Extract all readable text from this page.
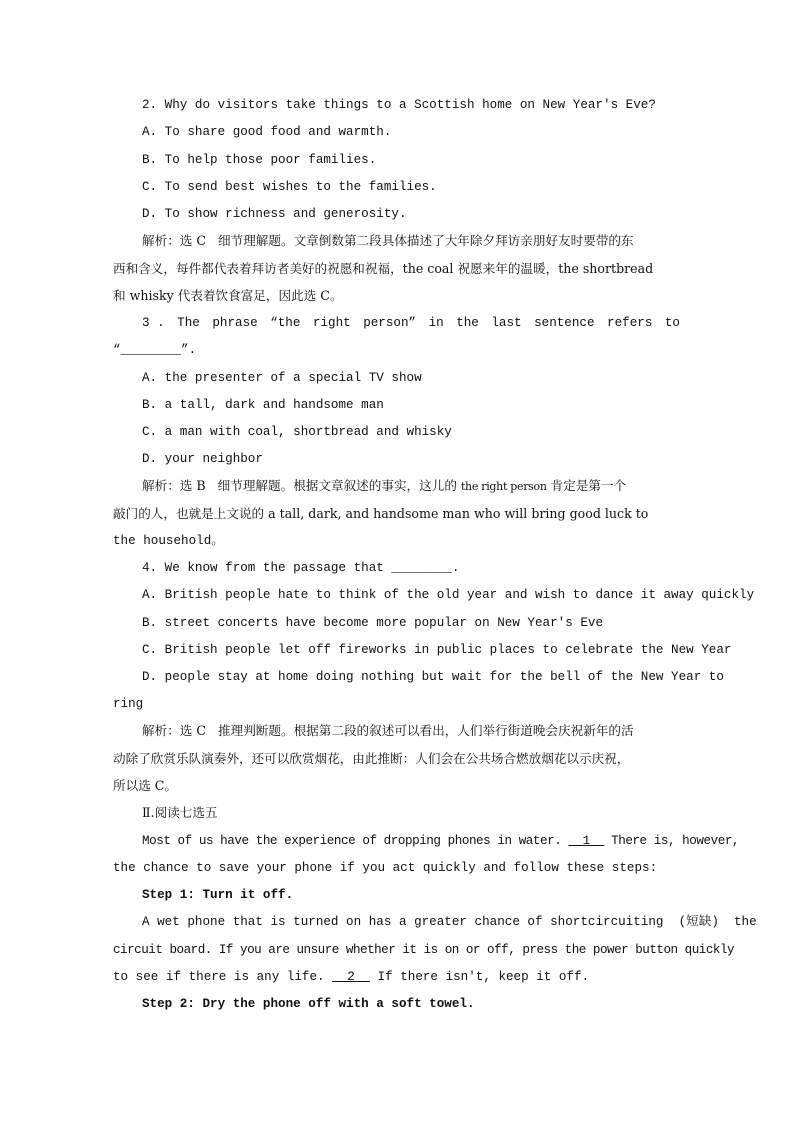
2. Why do visitors take things to a Scottish home on New Year's Eve?
A. To share good food and warmth.
B. To help those poor families.
C. To send best wishes to the families.
D. To show richness and generosity.
解析：选 C   细节理解题。文章倒数第二段具体描述了大年除夕拜访亲朋好友时要带的东
西和含义，每件都代表着拜访者美好的祝愿和祝福，the coal 祝愿来年的温暖，the shortbread
和 whisky 代表着饮食富足，因此选 C。
3 . The phrase “the right person” in the last sentence refers to
“________”.
A. the presenter of a special TV show
B. a tall, dark and handsome man
C. a man with coal, shortbread and whisky
D. your neighbor
解析：选 B   细节理解题。根据文章叙述的事实，这儿的 the right person 肯定是第一个
敲门的人，也就是上文说的 a tall, dark, and handsome man who will bring good luck to
the household。
4. We know from the passage that ________.
A. British people hate to think of the old year and wish to dance it away quickly
B. street concerts have become more popular on New Year's Eve
C. British people let off fireworks in public places to celebrate the New Year
D. people stay at home doing nothing but wait for the bell of the New Year to
ring
解析：选 C   推理判断题。根据第二段的叙述可以看出，人们举行街道晚会庆祝新年的活
动除了欣赏乐队演奏外，还可以欣赏烟花，由此推断：人们会在公共场合燃放烟花以示庆祝，
所以选 C。
Ⅱ.阅读七选五
Most of us have the experience of dropping phones in water. __1__ There is, however,
the chance to save your phone if you act quickly and follow these steps:
Step 1: Turn it off.
A wet phone that is turned on has a greater chance of shortcircuiting  (短缺)  the
circuit board. If you are unsure whether it is on or off, press the power button quickly
to see if there is any life. __2__ If there isn't, keep it off.
Step 2: Dry the phone off with a soft towel.
